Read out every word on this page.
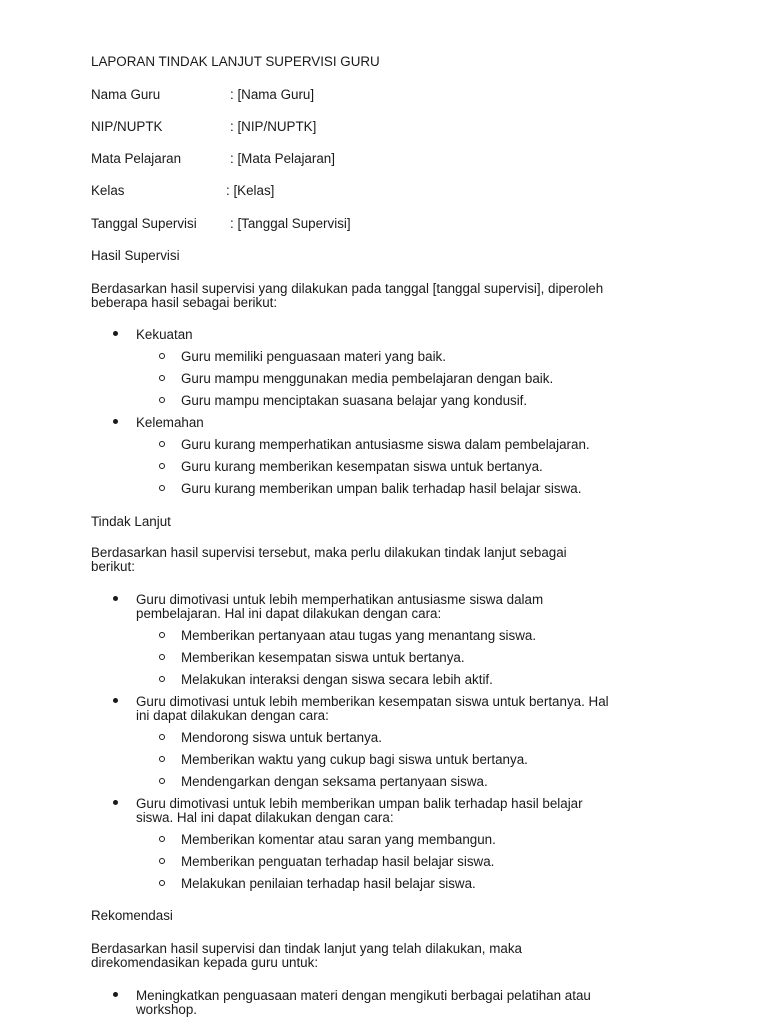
LAPORAN TINDAK LANJUT SUPERVISI GURU
Nama Guru	: [Nama Guru]
NIP/NUPTK	: [NIP/NUPTK]
Mata Pelajaran	: [Mata Pelajaran]
Kelas	: [Kelas]
Tanggal Supervisi : [Tanggal Supervisi]
Hasil Supervisi
Berdasarkan hasil supervisi yang dilakukan pada tanggal [tanggal supervisi], diperoleh
beberapa hasil sebagai berikut:
Kekuatan
Guru memiliki penguasaan materi yang baik.
Guru mampu menggunakan media pembelajaran dengan baik.
Guru mampu menciptakan suasana belajar yang kondusif.
Kelemahan
Guru kurang memperhatikan antusiasme siswa dalam pembelajaran.
Guru kurang memberikan kesempatan siswa untuk bertanya.
Guru kurang memberikan umpan balik terhadap hasil belajar siswa.
Tindak Lanjut
Berdasarkan hasil supervisi tersebut, maka perlu dilakukan tindak lanjut sebagai
berikut:
Guru dimotivasi untuk lebih memperhatikan antusiasme siswa dalam
pembelajaran. Hal ini dapat dilakukan dengan cara:
Memberikan pertanyaan atau tugas yang menantang siswa.
Memberikan kesempatan siswa untuk bertanya.
Melakukan interaksi dengan siswa secara lebih aktif.
Guru dimotivasi untuk lebih memberikan kesempatan siswa untuk bertanya. Hal
ini dapat dilakukan dengan cara:
Mendorong siswa untuk bertanya.
Memberikan waktu yang cukup bagi siswa untuk bertanya.
Mendengarkan dengan seksama pertanyaan siswa.
Guru dimotivasi untuk lebih memberikan umpan balik terhadap hasil belajar
siswa. Hal ini dapat dilakukan dengan cara:
Memberikan komentar atau saran yang membangun.
Memberikan penguatan terhadap hasil belajar siswa.
Melakukan penilaian terhadap hasil belajar siswa.
Rekomendasi
Berdasarkan hasil supervisi dan tindak lanjut yang telah dilakukan, maka
direkomendasikan kepada guru untuk:
Meningkatkan penguasaan materi dengan mengikuti berbagai pelatihan atau
workshop.
